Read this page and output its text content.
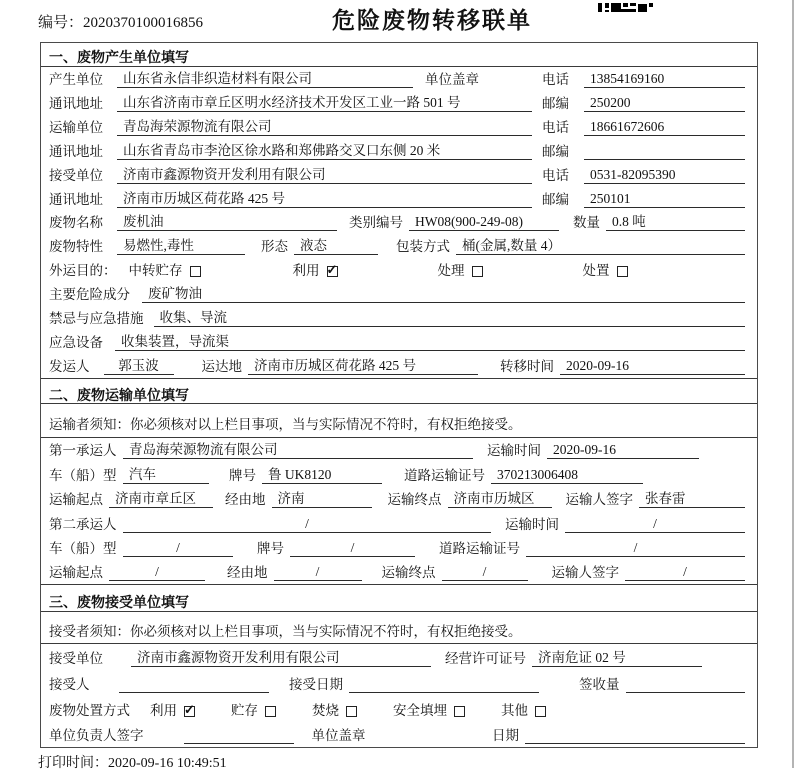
编号：2020370100016856	危险废物转移联单
一、废物产生单位填写
产生单位	山东省永信非织造材料有限公司	单位盖章	电话	13854169160
通讯地址	山东省济南市章丘区明水经济技术开发区工业一路 501 号	邮编	250200
运输单位	青岛海荣源物流有限公司	电话	18661672606
通讯地址	山东省青岛市李沧区徐水路和郑佛路交叉口东侧 20 米	邮编
接受单位	济南市鑫源物资开发利用有限公司	电话	0531-82095390
通讯地址	济南市历城区荷花路 425 号	邮编	250101
废物名称	废机油	类别编号 HW08(900-249-08)	数量 0.8 吨
废物特性	易燃性,毒性	形态 液态	包装方式 桶(金属,数量 4）
外运目的： 中转贮存	利用 ✓	处理	处置
主要危险成分	废矿物油
禁忌与应急措施	收集、导流
应急设备	收集装置，导流渠
发运人	郭玉波	运达地 济南市历城区荷花路 425 号	转移时间 2020-09-16
二、废物运输单位填写
运输者须知：你必须核对以上栏目事项，当与实际情况不符时，有权拒绝接受。
第一承运人 青岛海荣源物流有限公司	运输时间 2020-09-16
车（船）型 汽车	牌号 鲁 UK8120	道路运输证号 370213006408
运输起点 济南市章丘区	经由地 济南	运输终点 济南市历城区	运输人签字 张春雷
第二承运人	/	运输时间	/
车（船）型	/	牌号	/	道路运输证号	/
运输起点	/	经由地	/	运输终点	/	运输人签字	/
三、废物接受单位填写
接受者须知：你必须核对以上栏目事项，当与实际情况不符时，有权拒绝接受。
接受单位	济南市鑫源物资开发利用有限公司	经营许可证号 济南危证 02 号
接受人	接受日期	签收量
废物处置方式 利用 ✓	贮存	焚烧	安全填埋	其他
单位负责人签字	单位盖章	日期
打印时间：2020-09-16 10:49:51
